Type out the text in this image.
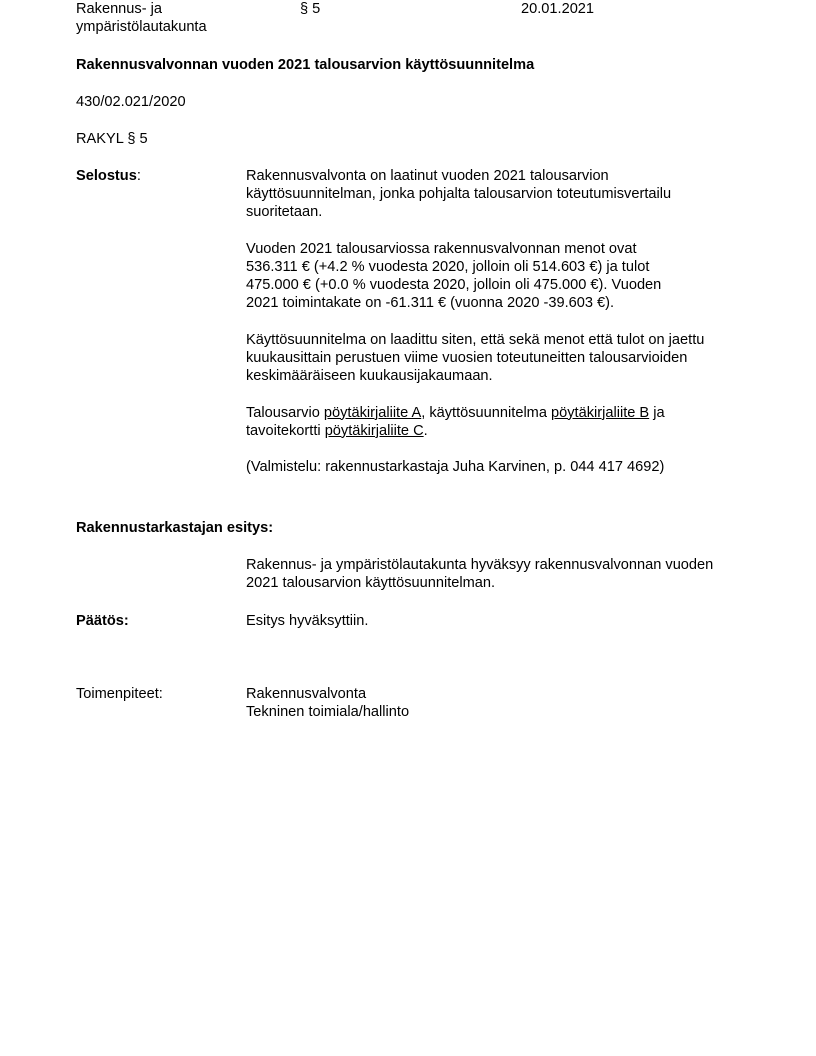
Rakennus- ja
ympäristölautakunta
§ 5	20.01.2021
Rakennusvalvonnan vuoden 2021 talousarvion käyttösuunnitelma
430/02.021/2020
RAKYL § 5
Selostus:	Rakennusvalvonta on laatinut vuoden 2021 talousarvion käyttösuunnitelman, jonka pohjalta talousarvion toteutumisvertailu suoritetaan.
Vuoden 2021 talousarviossa rakennusvalvonnan menot ovat
536.311 € (+4.2 % vuodesta 2020, jolloin oli 514.603 €) ja tulot
475.000 € (+0.0 % vuodesta 2020, jolloin oli 475.000 €). Vuoden
2021 toimintakate on -61.311 € (vuonna 2020 -39.603 €).
Käyttösuunnitelma on laadittu siten, että sekä menot että tulot on jaettu kuukausittain perustuen viime vuosien toteutuneitten talousarvioiden keskimääräiseen kuukausijakaumaan.
Talousarvio pöytäkirjaliite A, käyttösuunnitelma pöytäkirjaliite B ja tavoitekortti pöytäkirjaliite C.
(Valmistelu: rakennustarkastaja Juha Karvinen, p. 044 417 4692)
Rakennustarkastajan esitys:
Rakennus- ja ympäristölautakunta hyväksyy rakennusvalvonnan vuoden 2021 talousarvion käyttösuunnitelman.
Päätös:	Esitys hyväksyttiin.
Toimenpiteet:	Rakennusvalvonta
Tekninen toimiala/hallinto
